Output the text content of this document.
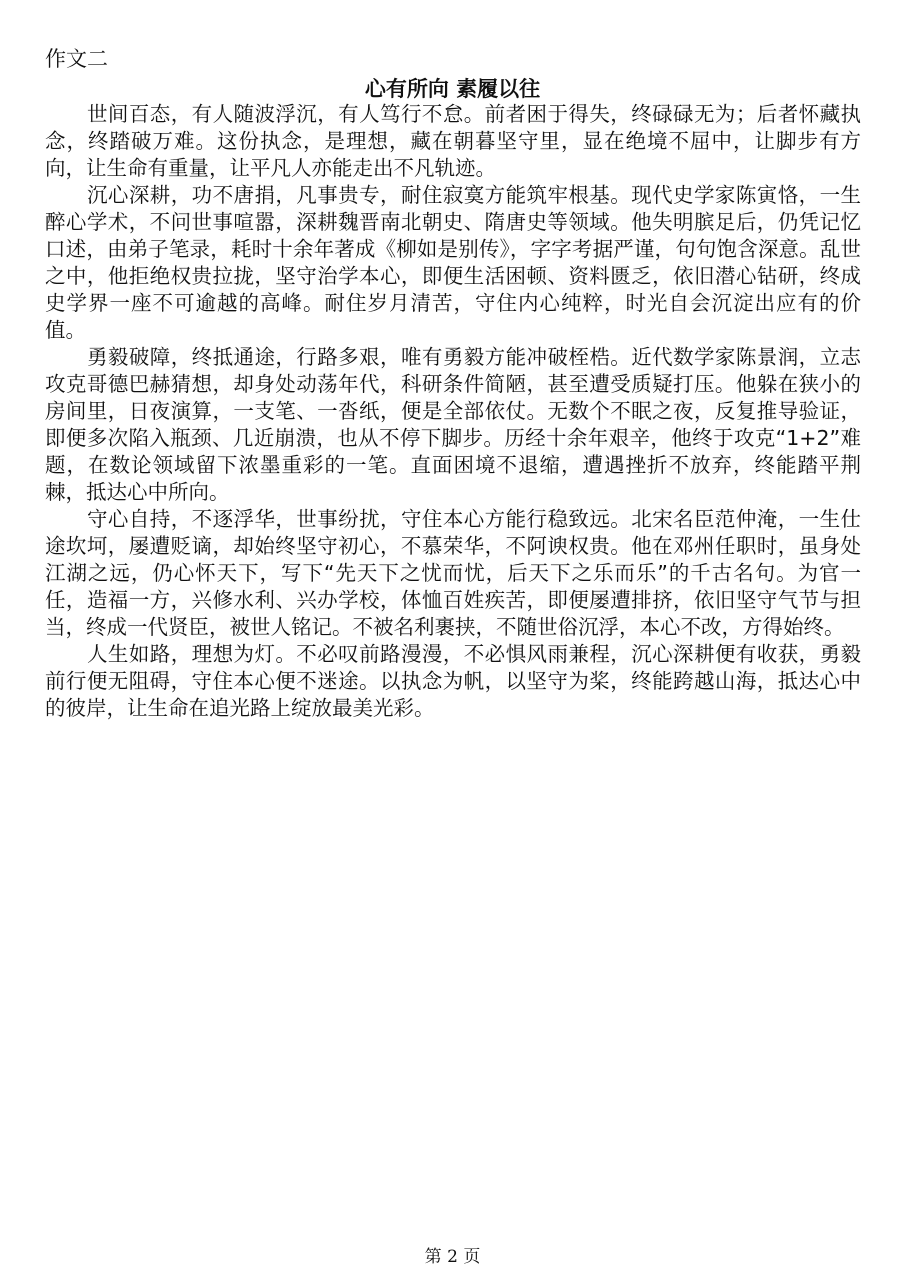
作文二
心有所向 素履以往

世间百态，有人随波浮沉，有人笃行不怠。前者困于得失，终碌碌无为；后者怀藏执念，终踏破万难。这份执念，是理想，藏在朝暮坚守里，显在绝境不屈中，让脚步有方向，让生命有重量，让平凡人亦能走出不凡轨迹。

沉心深耕，功不唐捐，凡事贵专，耐住寂寞方能筑牢根基。现代史学家陈寅恪，一生醉心学术，不问世事喧嚣，深耕魏晋南北朝史、隋唐史等领域。他失明膑足后，仍凭记忆口述，由弟子笔录，耗时十余年著成《柳如是别传》，字字考据严谨，句句饱含深意。乱世之中，他拒绝权贵拉拢，坚守治学本心，即便生活困顿、资料匮乏，依旧潜心钻研，终成史学界一座不可逾越的高峰。耐住岁月清苦，守住内心纯粹，时光自会沉淀出应有的价值。

勇毅破障，终抵通途，行路多艰，唯有勇毅方能冲破桎梏。近代数学家陈景润，立志攻克哥德巴赫猜想，却身处动荡年代，科研条件简陋，甚至遭受质疑打压。他躲在狭小的房间里，日夜演算，一支笔、一沓纸，便是全部依仗。无数个不眠之夜，反复推导验证，即便多次陷入瓶颈、几近崩溃，也从不停下脚步。历经十余年艰辛，他终于攻克“1+2”难题，在数论领域留下浓墨重彩的一笔。直面困境不退缩，遭遇挫折不放弃，终能踏平荆棘，抵达心中所向。

守心自持，不逐浮华，世事纷扰，守住本心方能行稳致远。北宋名臣范仲淹，一生仕途坎坷，屡遭贬谪，却始终坚守初心，不慕荣华，不阿谀权贵。他在邓州任职时，虽身处江湖之远，仍心怀天下，写下“先天下之忧而忧，后天下之乐而乐”的千古名句。为官一任，造福一方，兴修水利、兴办学校，体恤百姓疾苦，即便屡遭排挤，依旧坚守气节与担当，终成一代贤臣，被世人铭记。不被名利裹挟，不随世俗沉浮，本心不改，方得始终。

人生如路，理想为灯。不必叹前路漫漫，不必惧风雨兼程，沉心深耕便有收获，勇毅前行便无阻碍，守住本心便不迷途。以执念为帆，以坚守为桨，终能跨越山海，抵达心中的彼岸，让生命在追光路上绽放最美光彩。

第 2 页
